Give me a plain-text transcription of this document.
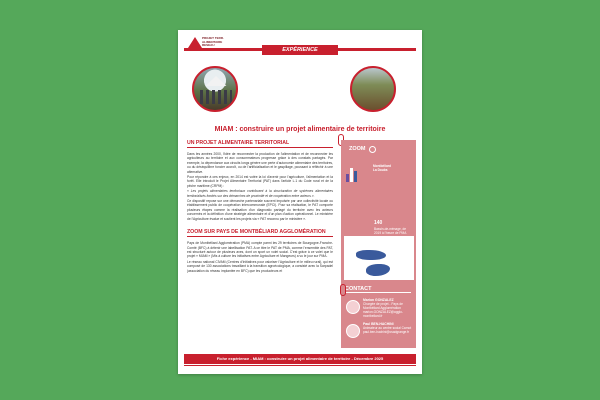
PROJET TERR. ALIMENTAIRE
RESEAU
EXPÉRIENCE
MIAM : construire un projet alimentaire de territoire
UN PROJET ALIMENTAIRE TERRITORIAL

Dans les années 2000, l'idée de reconnecter la production de l'alimentation et de reconnecter les agriculteurs au territoire et aux consommateurs progresse grâce à des constats partagés. Par exemple, la dépendance aux circuits longs génère une perte d'autonomie alimentaire des territoires, ou du déséquilibre foncier accroît, ou de l'artificialisation et le gaspillage, poussant à réfléchir à une alternative.

Pour répondre à ces enjeux, en 2014 est votée la loi d'avenir pour l'agriculture, l'alimentation et la forêt. Elle introduit le Projet Alimentaire Territorial (PAT) dans l'article L.1 du Code rural et de la pêche maritime (CRPM) :

« Les projets alimentaires territoriaux contribuent à la structuration de systèmes alimentaires territorialisés fondés sur des démarches de proximité et de coopération entre acteurs ».

Ce dispositif repose sur une démarche partenariale souvent impulsée par une collectivité locale ou établissement public de coopération intercommunale (EPCI). Pour sa réalisation, le PAT comporte plusieurs étapes comme la réalisation d'un diagnostic partagé du territoire avec les acteurs concernés et la définition d'une stratégie alimentaire et d'un plan d'action opérationnel. Le ministère de l'Agriculture évalue et soutient les projets via « PAT reconnu par le ministère ».

ZOOM SUR PAYS DE MONTBÉLIARD AGGLOMÉRATION

Pays de Montbéliard Agglomération (PMA) compte parmi les 29 territoires de Bourgogne-Franche-Comté (BFC) à détenir une labellisation PAT. A ce titre le PAT de PMA, comme l'ensemble des PAT, est structuré autour de plusieurs axes, dont un sport un volet social. C'est grâce à ce volet que le projet « MIAM » (Mis à culture les initiatives entre Agriculture et Mangeurs) a vu le jour sur PMA.

Le réseau national CIVAM (Centres d'Initiatives pour valoriser l'Agriculture et le milieu rural), qui est composé de 130 associations travaillant à la transition agroécologique, a consisté avec la Sarpadel (association du réseau implantée en BFC) que les producteurs et

ZOOM
Montbéliard
La Doubs
140
Bassin-de-ménage, de
2019 à l'heure de PMA
CONTACT
Marion GONZALEZ
Chargée de projet - Pays de Montbéliard Agglomération
marion.GONZALEZ@agglo-montbeliard.fr
Paul BEN-HACHINI
Animateur au centre social Carnot
paul.ben-hachini@csadgrange.fr
Fiche expérience - MIAM : construire un projet alimentaire de territoire - Décembre 2025
